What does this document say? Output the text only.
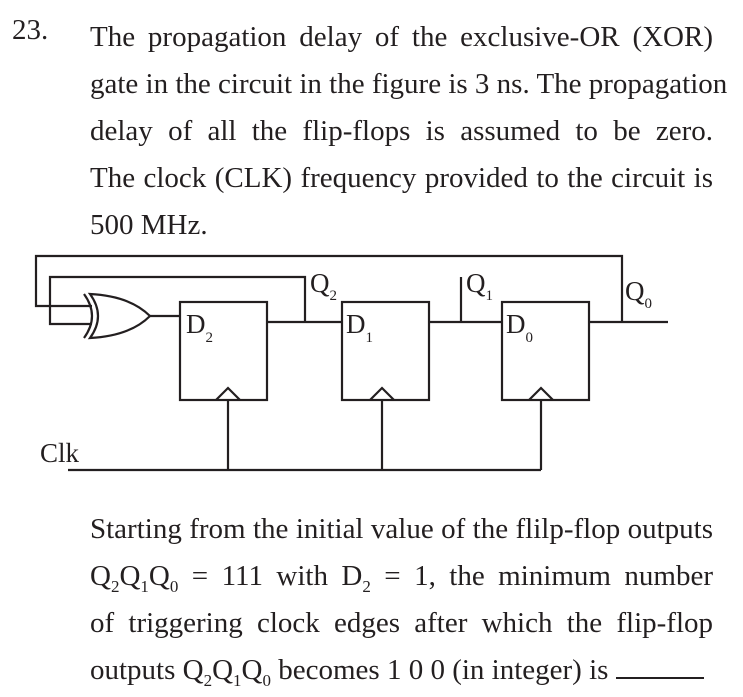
23. The propagation delay of the exclusive-OR (XOR)
gate in the circuit in the figure is 3 ns. The propagation
delay of all the flip-flops is assumed to be zero.
The clock (CLK) frequency provided to the circuit is
500 MHz.
$D_2$	$D_1$	$D_0$
$Q_2$	$Q_1$	$Q_0$
Clk
Starting from the initial value of the flilp-flop outputs
$Q_2Q_1Q_0 = 111$ with $D_2 = 1$, the minimum number
of triggering clock edges after which the flip-flop
outputs $Q_2Q_1Q_0$ becomes 1 0 0 (in integer) is
